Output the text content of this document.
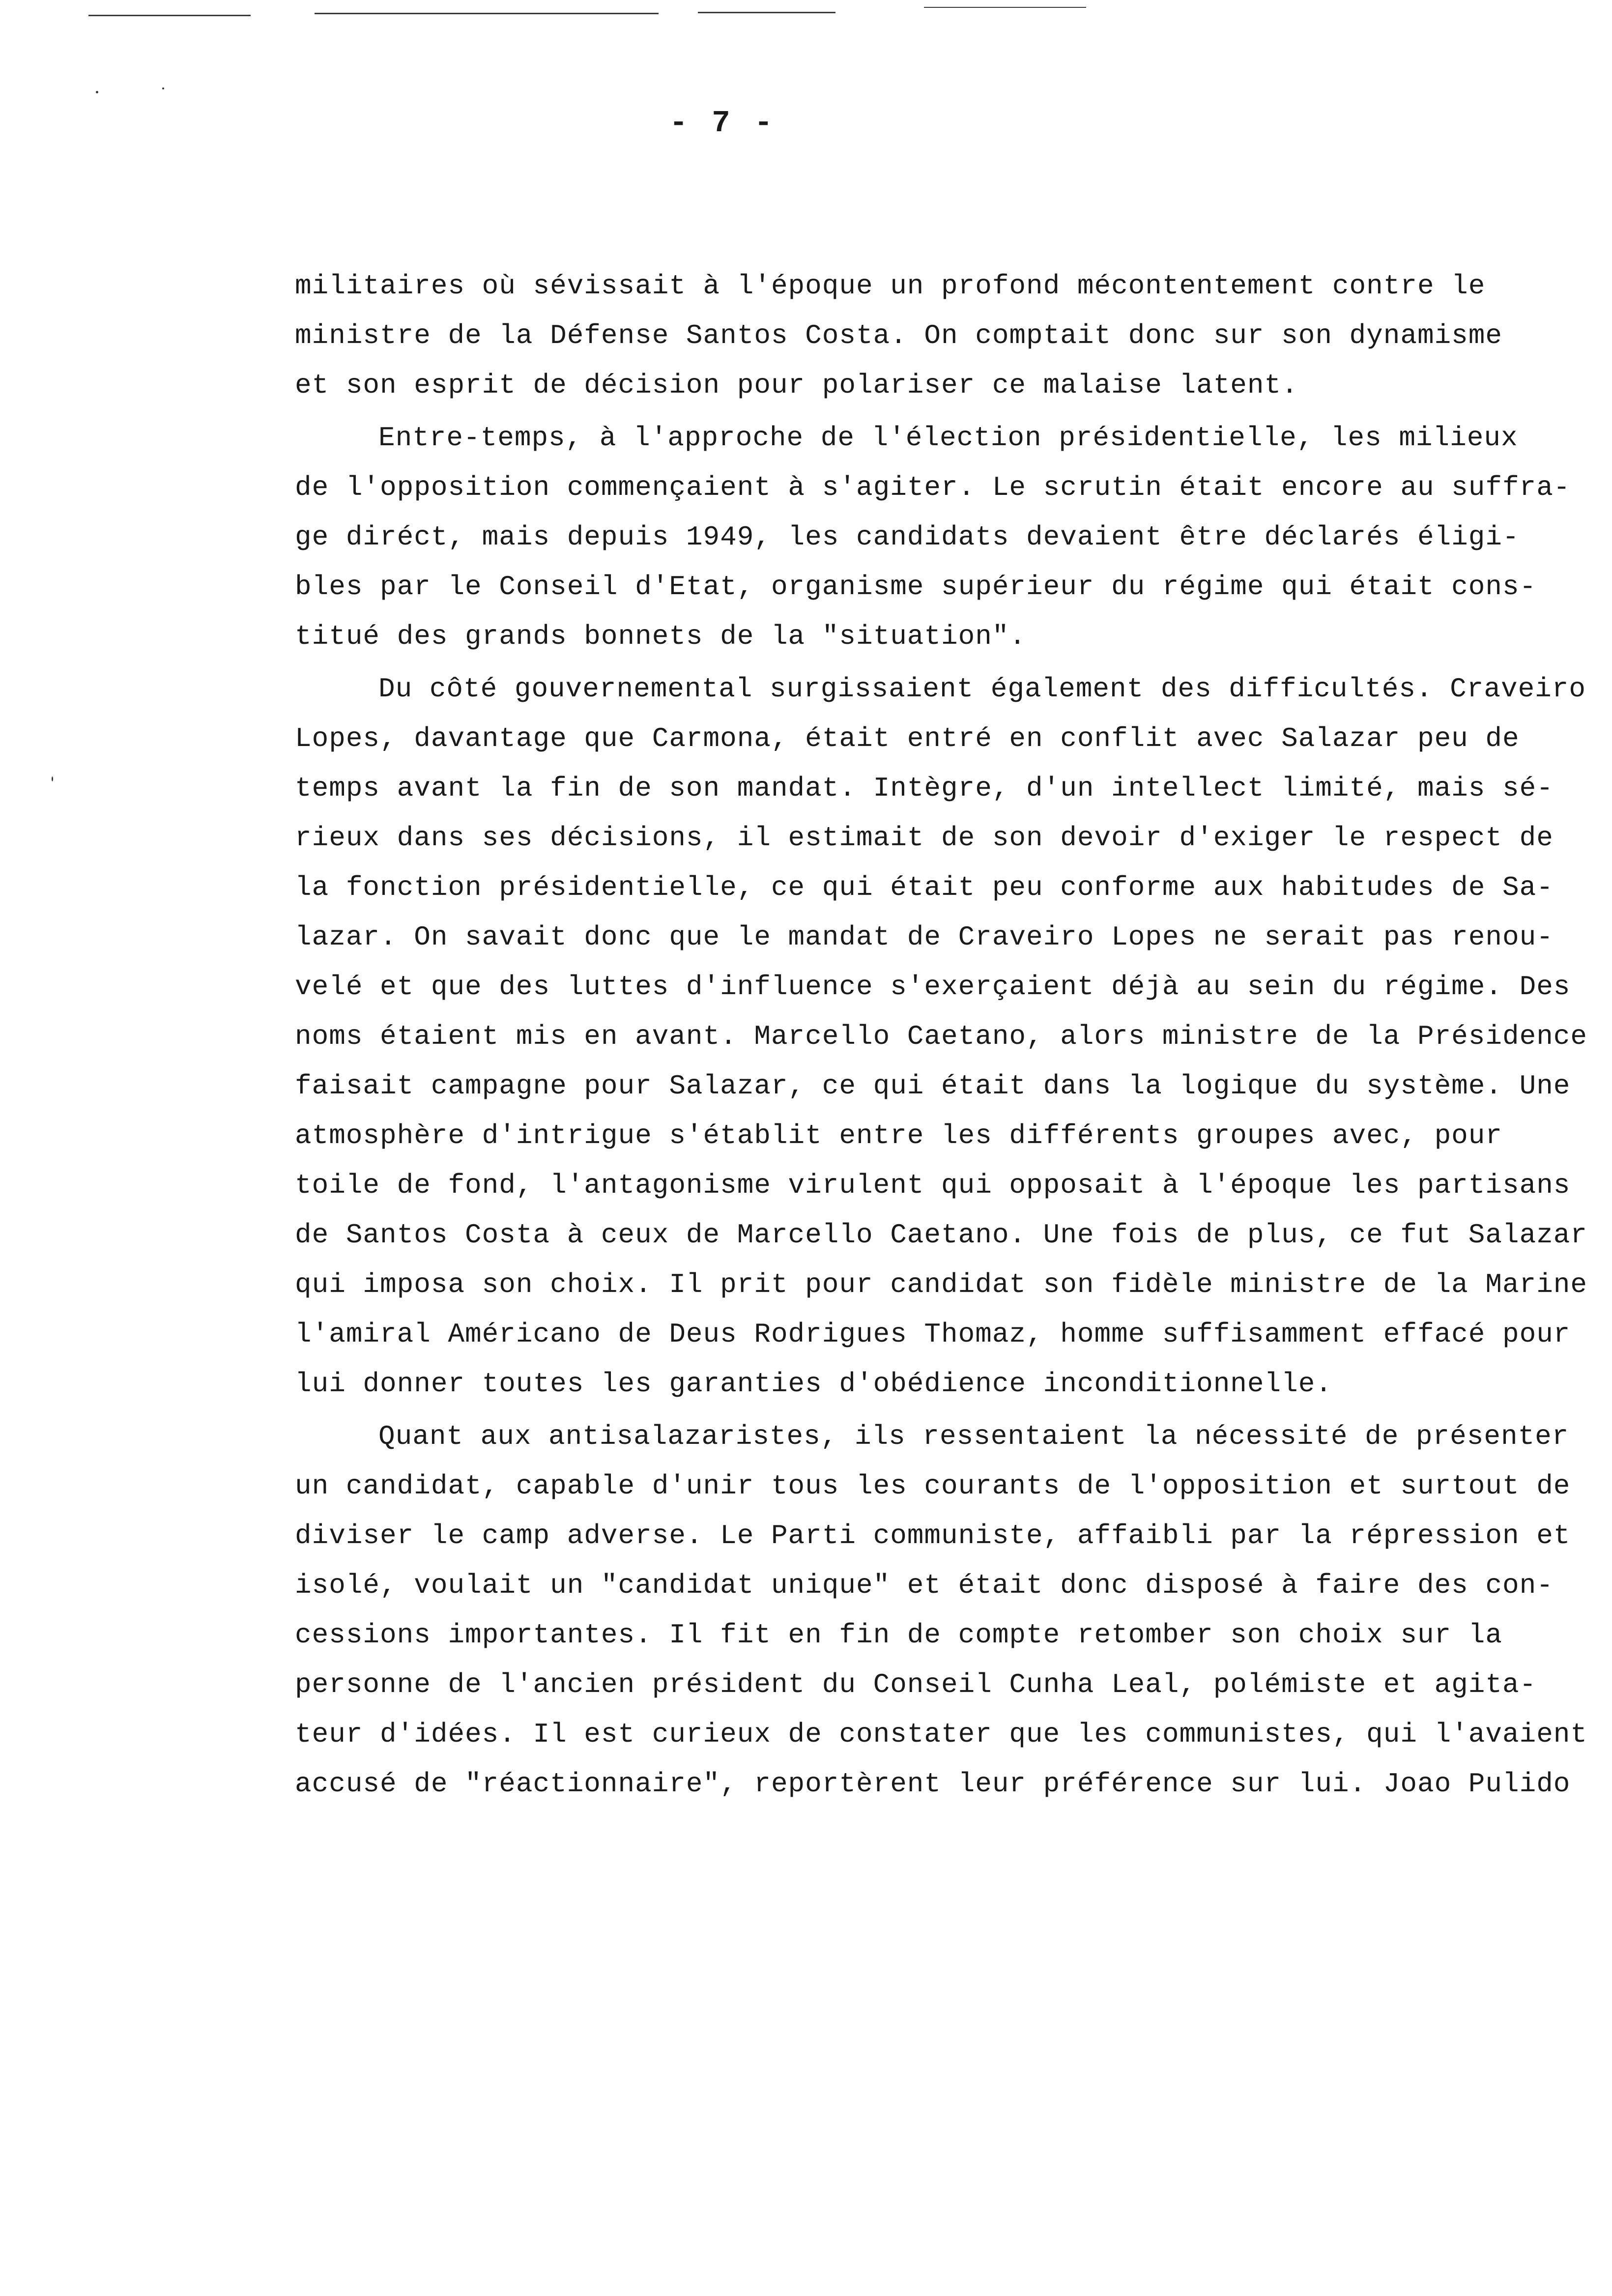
- 7 -
militaires où sévissait à l'époque un profond mécontentement contre le
ministre de la Défense Santos Costa. On comptait donc sur son dynamisme
et son esprit de décision pour polariser ce malaise latent.
Entre-temps, à l'approche de l'élection présidentielle, les milieux
de l'opposition commençaient à s'agiter. Le scrutin était encore au suffra-
ge diréct, mais depuis 1949, les candidats devaient être déclarés éligi-
bles par le Conseil d'Etat, organisme supérieur du régime qui était cons-
titué des grands bonnets de la "situation".
Du côté gouvernemental surgissaient également des difficultés. Craveiro
Lopes, davantage que Carmona, était entré en conflit avec Salazar peu de
temps avant la fin de son mandat. Intègre, d'un intellect limité, mais sé-
rieux dans ses décisions, il estimait de son devoir d'exiger le respect de
la fonction présidentielle, ce qui était peu conforme aux habitudes de Sa-
lazar. On savait donc que le mandat de Craveiro Lopes ne serait pas renou-
velé et que des luttes d'influence s'exerçaient déjà au sein du régime. Des
noms étaient mis en avant. Marcello Caetano, alors ministre de la Présidence
faisait campagne pour Salazar, ce qui était dans la logique du système. Une
atmosphère d'intrigue s'établit entre les différents groupes avec, pour
toile de fond, l'antagonisme virulent qui opposait à l'époque les partisans
de Santos Costa à ceux de Marcello Caetano. Une fois de plus, ce fut Salazar
qui imposa son choix. Il prit pour candidat son fidèle ministre de la Marine
l'amiral Américano de Deus Rodrigues Thomaz, homme suffisamment effacé pour
lui donner toutes les garanties d'obédience inconditionnelle.
Quant aux antisalazaristes, ils ressentaient la nécessité de présenter
un candidat, capable d'unir tous les courants de l'opposition et surtout de
diviser le camp adverse. Le Parti communiste, affaibli par la répression et
isolé, voulait un "candidat unique" et était donc disposé à faire des con-
cessions importantes. Il fit en fin de compte retomber son choix sur la
personne de l'ancien président du Conseil Cunha Leal, polémiste et agita-
teur d'idées. Il est curieux de constater que les communistes, qui l'avaient
accusé de "réactionnaire", reportèrent leur préférence sur lui. Joao Pulido
